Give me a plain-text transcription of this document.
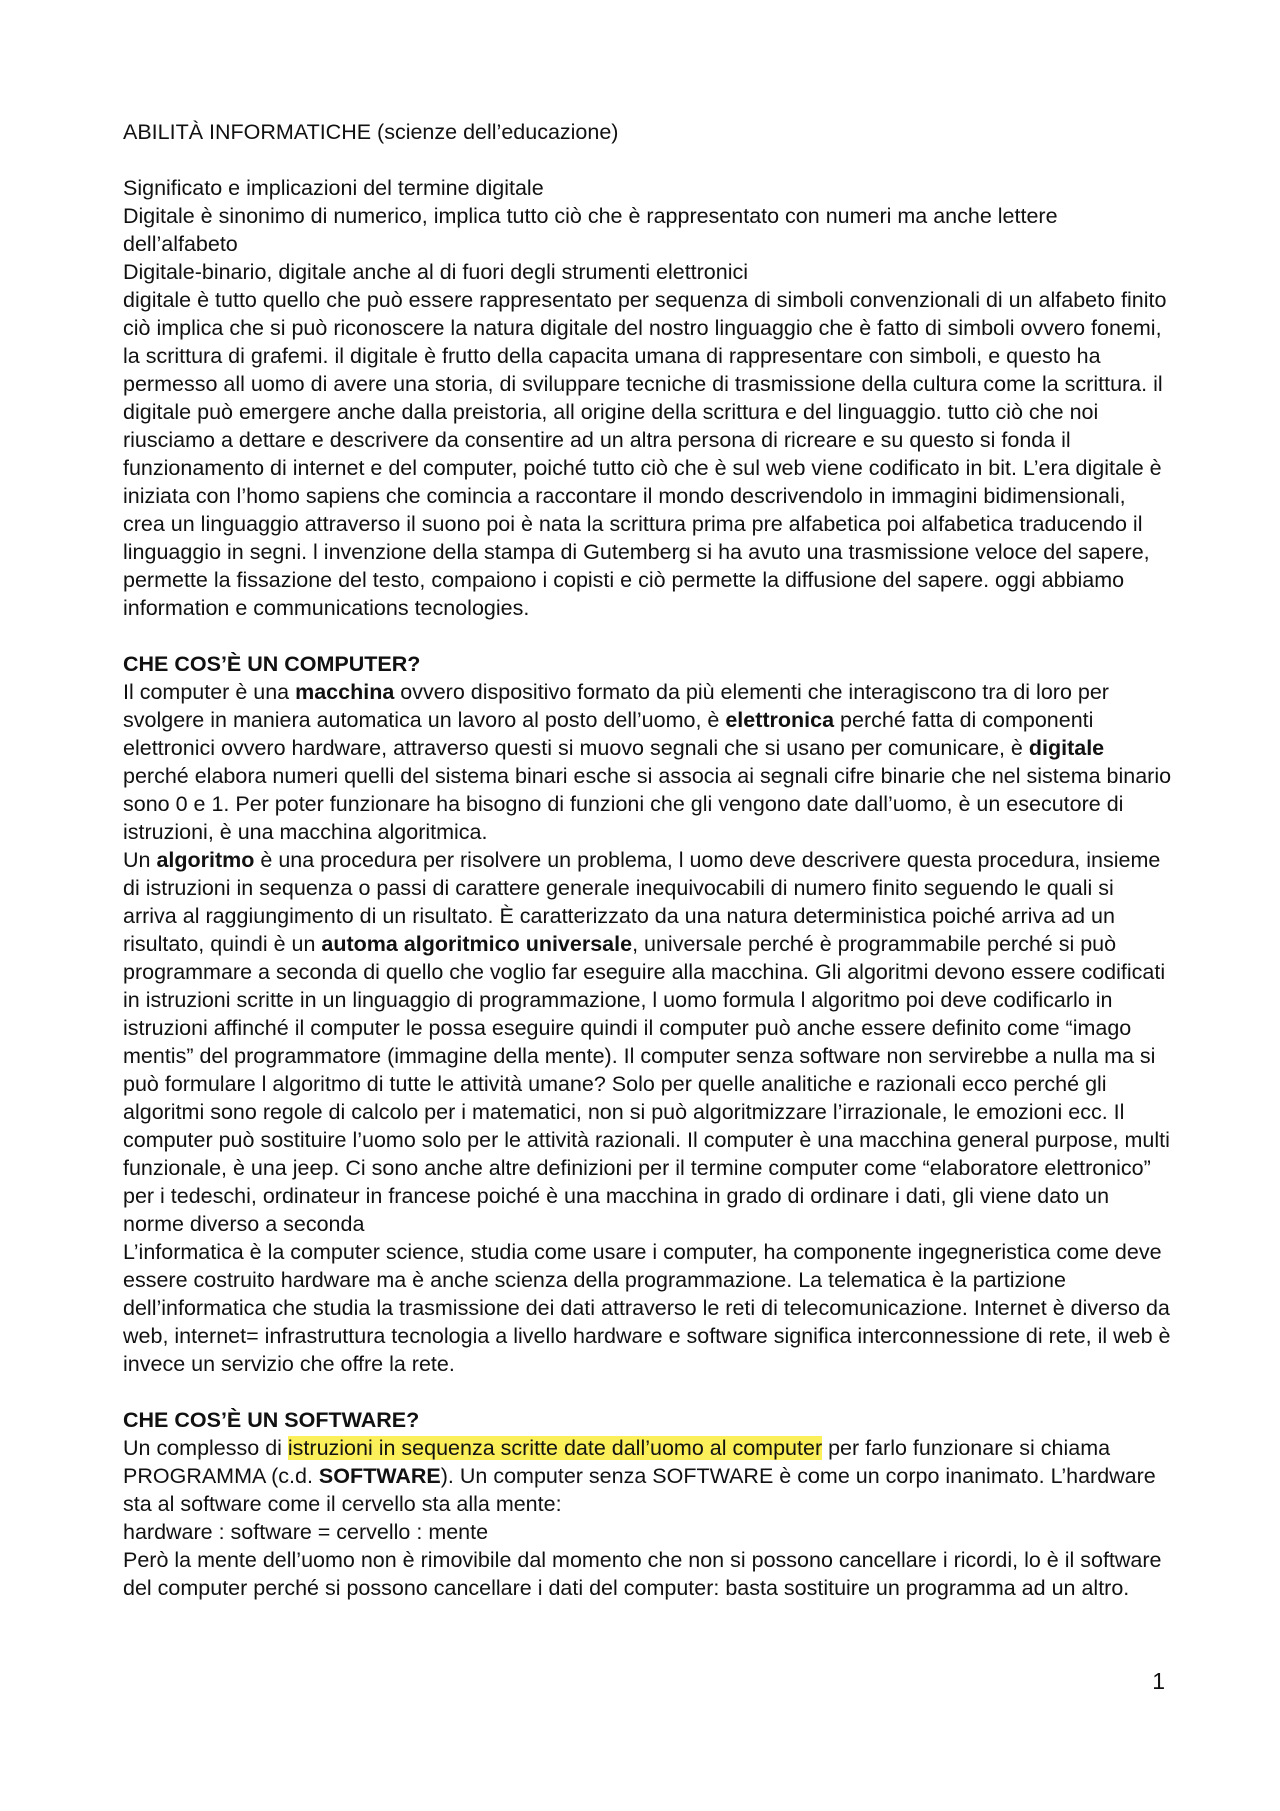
ABILITÀ INFORMATICHE (scienze dell’educazione)

Significato e implicazioni del termine digitale

Digitale è sinonimo di numerico, implica tutto ciò che è rappresentato con numeri ma anche lettere dell’alfabeto

Digitale-binario, digitale anche al di fuori degli strumenti elettronici

digitale è tutto quello che può essere rappresentato per sequenza di simboli convenzionali di un alfabeto finito ciò implica che si può riconoscere la natura digitale del nostro linguaggio che è fatto di simboli ovvero fonemi, la scrittura di grafemi. il digitale è frutto della capacita umana di rappresentare con simboli, e questo ha permesso all uomo di avere una storia, di sviluppare tecniche di trasmissione della cultura come la scrittura. il digitale può emergere anche dalla preistoria, all origine della scrittura e del linguaggio. tutto ciò che noi riusciamo a dettare e descrivere da consentire ad un altra persona di ricreare e su questo si fonda il funzionamento di internet e del computer, poiché tutto ciò che è sul web viene codificato in bit. L’era digitale è iniziata con l’homo sapiens che comincia a raccontare il mondo descrivendolo in immagini bidimensionali, crea un linguaggio attraverso il suono poi è nata la scrittura prima pre alfabetica poi alfabetica traducendo il linguaggio in segni. l invenzione della stampa di Gutemberg si ha avuto una trasmissione veloce del sapere, permette la fissazione del testo, compaiono i copisti e ciò permette la diffusione del sapere. oggi abbiamo information e communications tecnologies.

CHE COS’È UN COMPUTER?

Il computer è una macchina ovvero dispositivo formato da più elementi che interagiscono tra di loro per svolgere in maniera automatica un lavoro al posto dell’uomo, è elettronica perché fatta di componenti elettronici ovvero hardware, attraverso questi si muovo segnali che si usano per comunicare, è digitale perché elabora numeri quelli del sistema binari esche si associa ai segnali cifre binarie che nel sistema binario sono 0 e 1. Per poter funzionare ha bisogno di funzioni che gli vengono date dall’uomo, è un esecutore di istruzioni, è una macchina algoritmica.

Un algoritmo è una procedura per risolvere un problema, l uomo deve descrivere questa procedura, insieme di istruzioni in sequenza o passi di carattere generale inequivocabili di numero finito seguendo le quali si arriva al raggiungimento di un risultato. È caratterizzato da una natura deterministica poiché arriva ad un risultato, quindi è un automa algoritmico universale, universale perché è programmabile perché si può programmare a seconda di quello che voglio far eseguire alla macchina. Gli algoritmi devono essere codificati in istruzioni scritte in un linguaggio di programmazione, l uomo formula l algoritmo poi deve codificarlo in istruzioni affinché il computer le possa eseguire quindi il computer può anche essere definito come “imago mentis” del programmatore (immagine della mente). Il computer senza software non servirebbe a nulla ma si può formulare l algoritmo di tutte le attività umane? Solo per quelle analitiche e razionali ecco perché gli algoritmi sono regole di calcolo per i matematici, non si può algoritmizzare l’irrazionale, le emozioni ecc. Il computer può sostituire l’uomo solo per le attività razionali. Il computer è una macchina general purpose, multi funzionale, è una jeep. Ci sono anche altre definizioni per il termine computer come “elaboratore elettronico” per i tedeschi, ordinateur in francese poiché è una macchina in grado di ordinare i dati, gli viene dato un norme diverso a seconda

L’informatica è la computer science, studia come usare i computer, ha componente ingegneristica come deve essere costruito hardware ma è anche scienza della programmazione. La telematica è la partizione dell’informatica che studia la trasmissione dei dati attraverso le reti di telecomunicazione. Internet è diverso da web, internet= infrastruttura tecnologia a livello hardware e software significa interconnessione di rete, il web è invece un servizio che offre la rete.

CHE COS’È UN SOFTWARE?

Un complesso di istruzioni in sequenza scritte date dall’uomo al computer per farlo funzionare si chiama PROGRAMMA (c.d. SOFTWARE). Un computer senza SOFTWARE è come un corpo inanimato. L’hardware sta al software come il cervello sta alla mente:

hardware : software = cervello : mente

Però la mente dell’uomo non è rimovibile dal momento che non si possono cancellare i ricordi, lo è il software del computer perché si possono cancellare i dati del computer: basta sostituire un programma ad un altro.

1
